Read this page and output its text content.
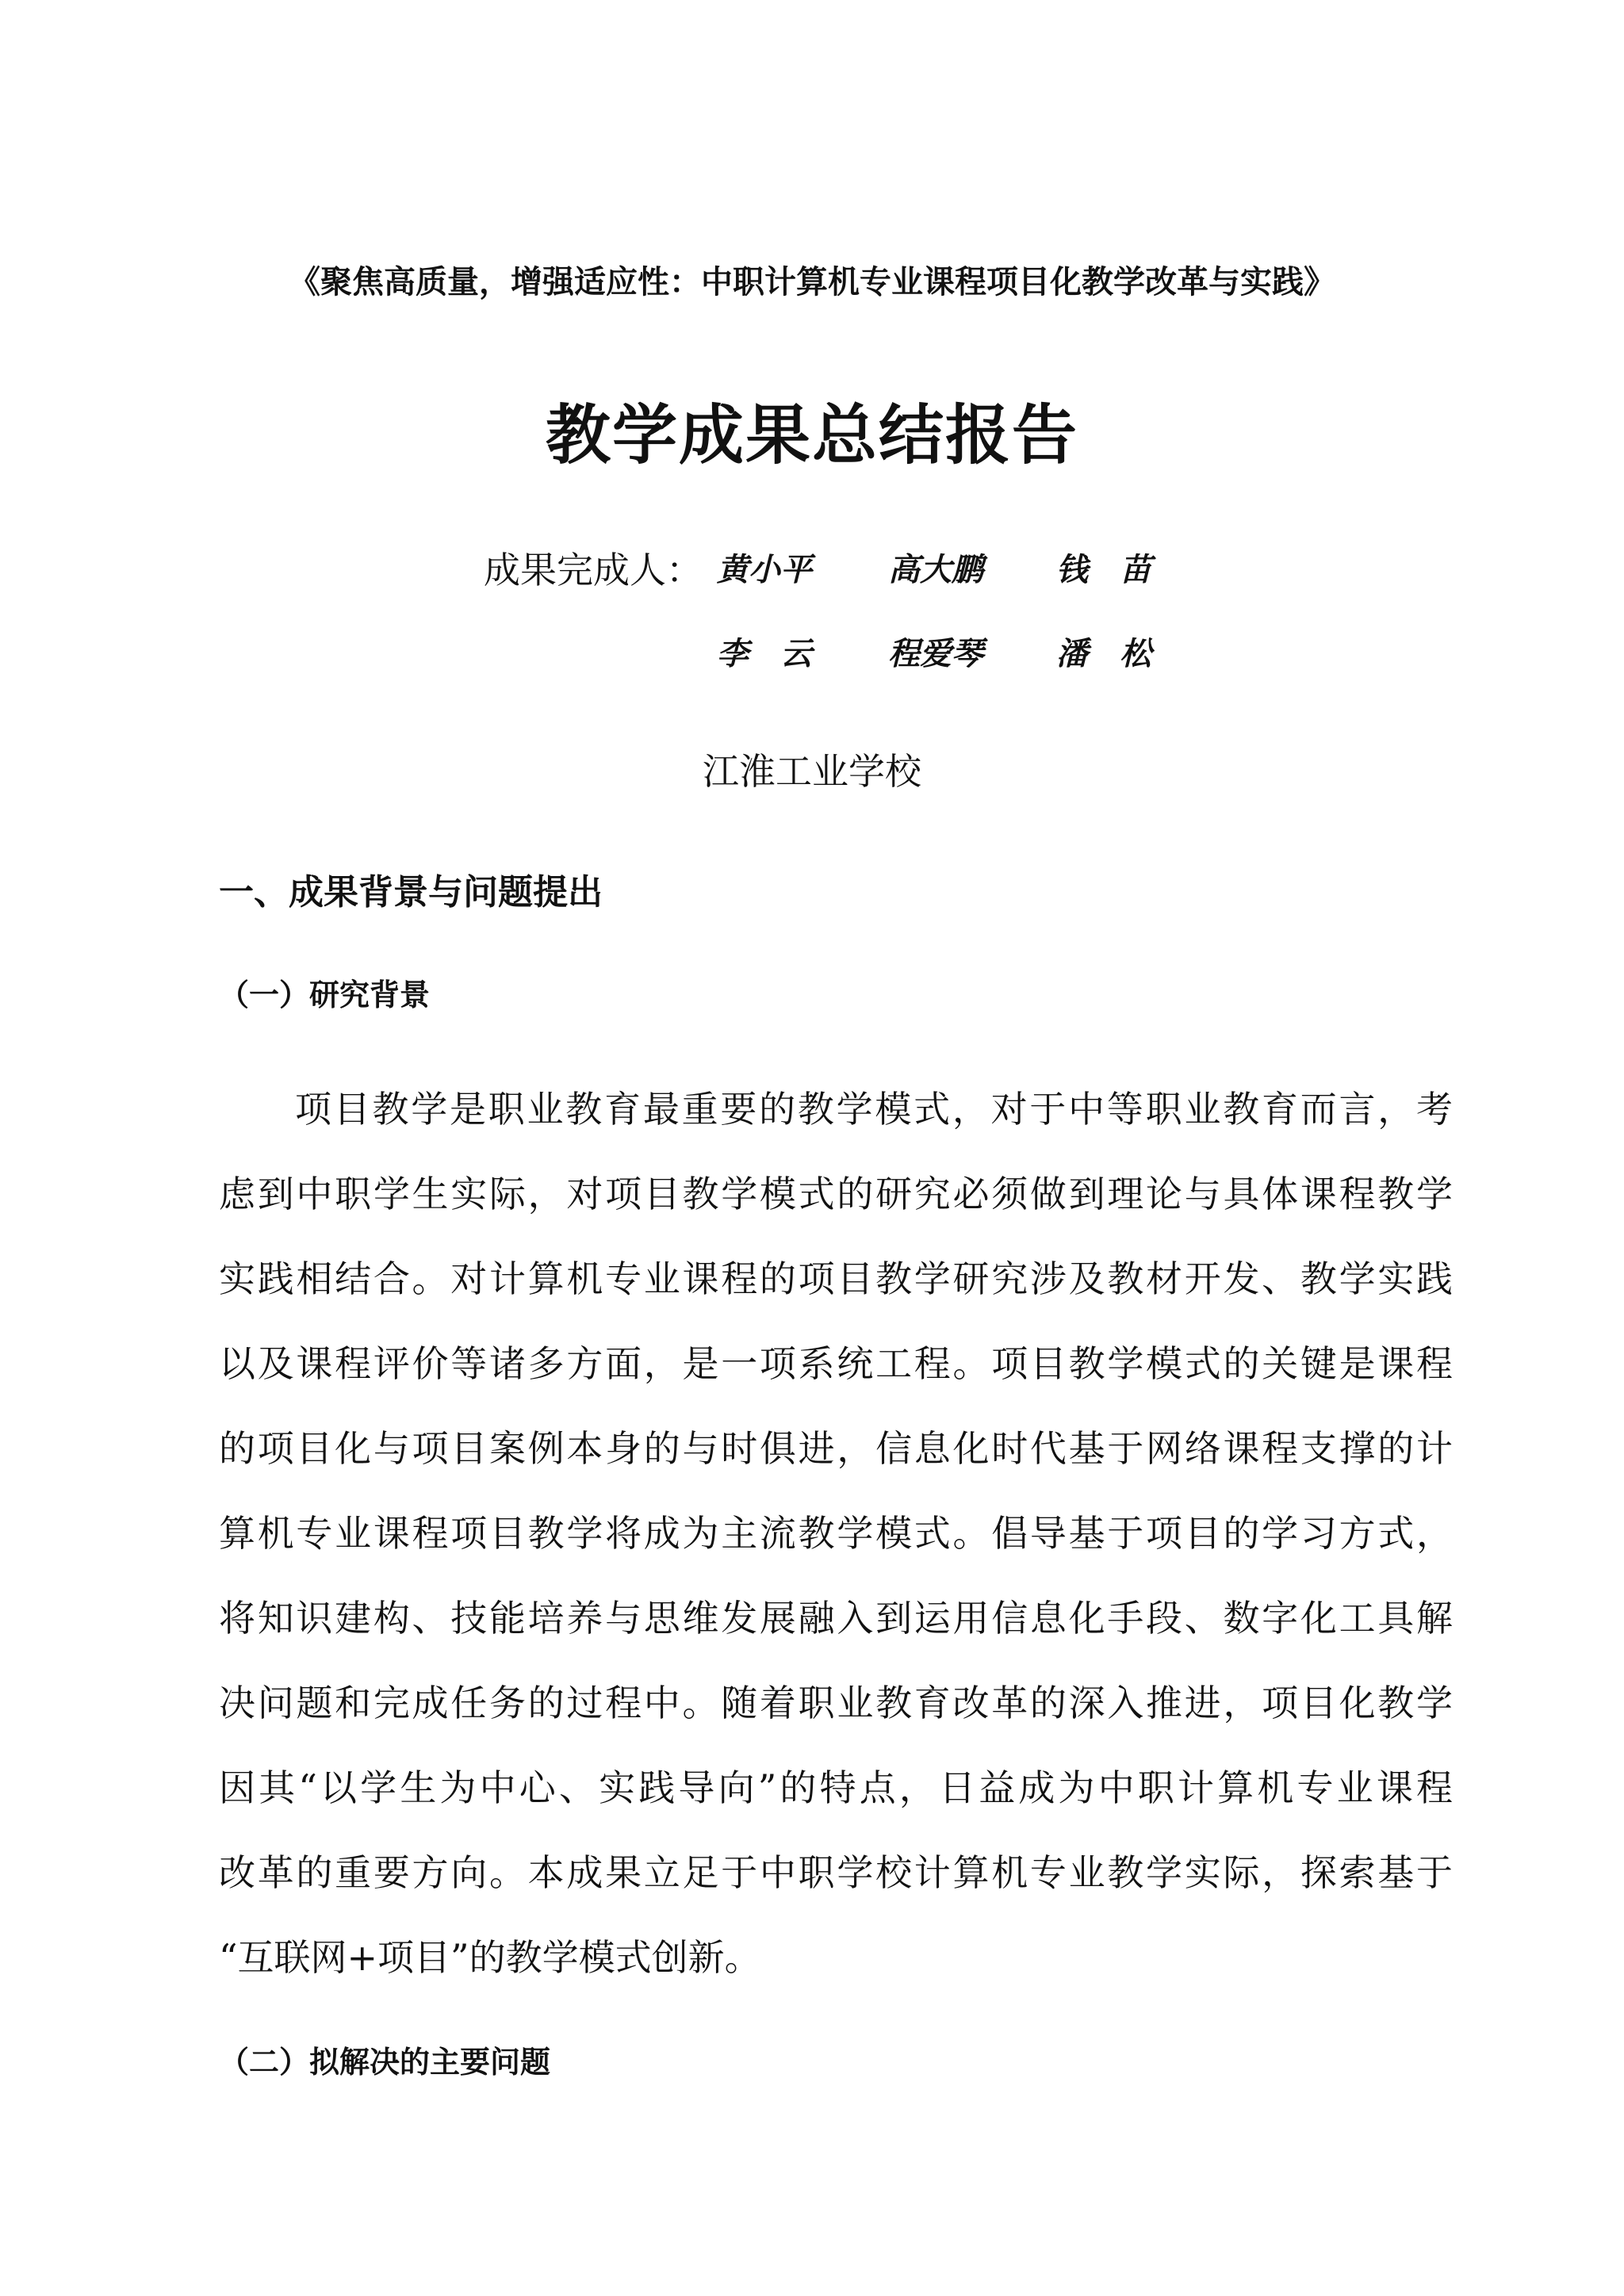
《聚焦高质量，增强适应性：中职计算机专业课程项目化教学改革与实践》
教学成果总结报告
成果完成人： 黄小平 高大鹏 钱　苗
李　云 程爱琴 潘　松
江淮工业学校
一、成果背景与问题提出
（一）研究背景
项目教学是职业教育最重要的教学模式，对于中等职业教育而言，考
虑到中职学生实际，对项目教学模式的研究必须做到理论与具体课程教学
实践相结合。对计算机专业课程的项目教学研究涉及教材开发、教学实践
以及课程评价等诸多方面，是一项系统工程。项目教学模式的关键是课程
的项目化与项目案例本身的与时俱进，信息化时代基于网络课程支撑的计
算机专业课程项目教学将成为主流教学模式。倡导基于项目的学习方式，
将知识建构、技能培养与思维发展融入到运用信息化手段、数字化工具解
决问题和完成任务的过程中。随着职业教育改革的深入推进，项目化教学
因其“以学生为中心、实践导向”的特点，日益成为中职计算机专业课程
改革的重要方向。本成果立足于中职学校计算机专业教学实际，探索基于
“互联网+项目”的教学模式创新。
（二）拟解决的主要问题
